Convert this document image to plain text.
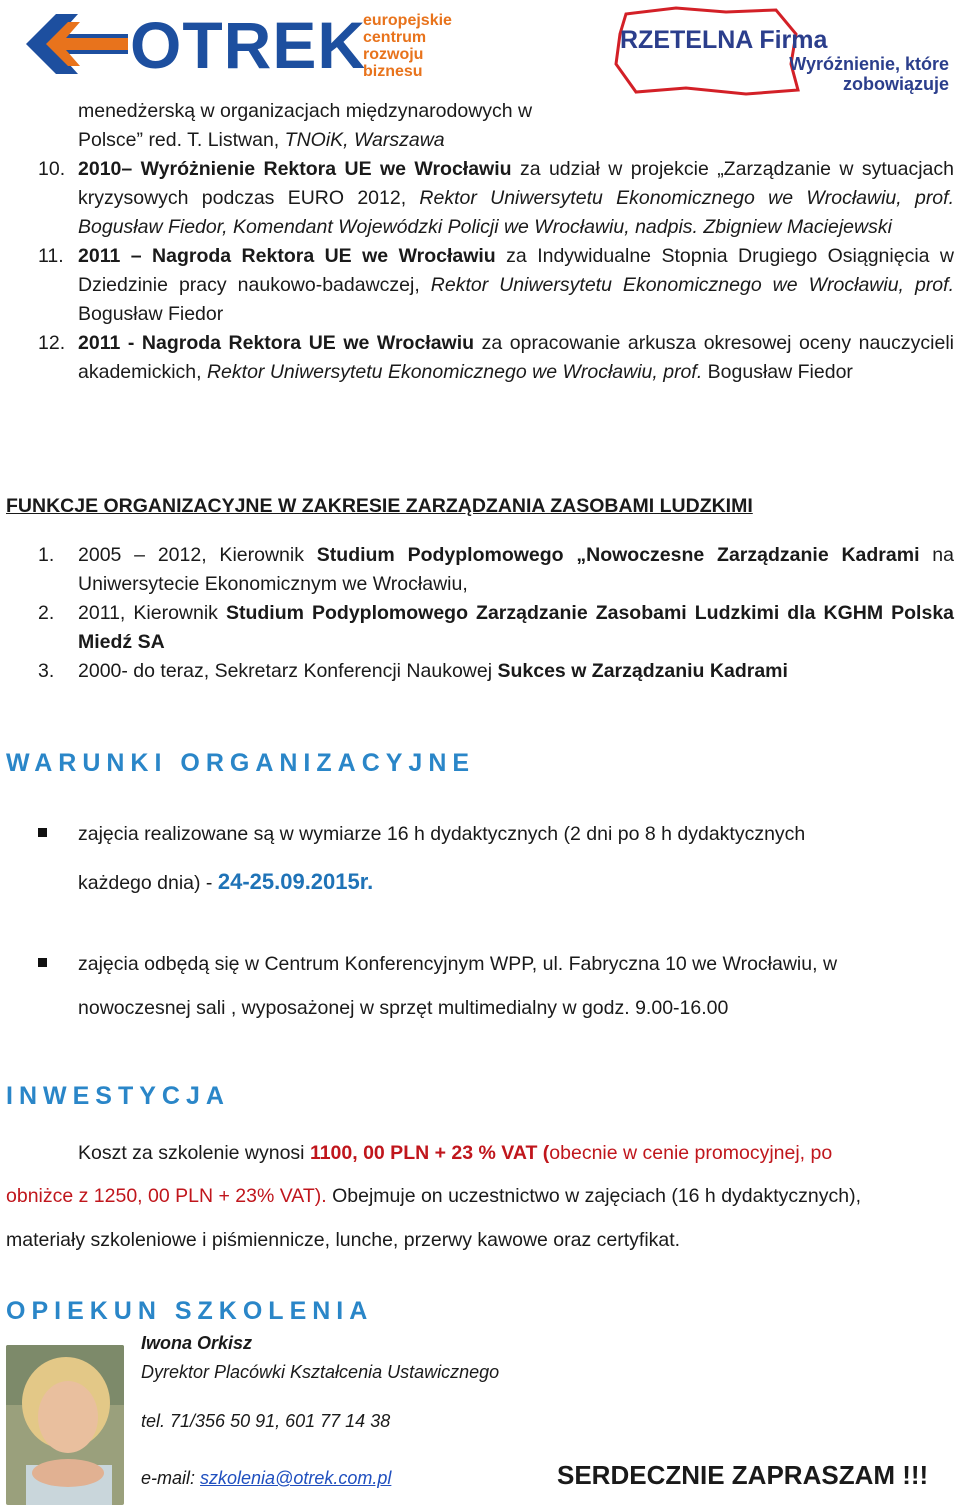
OTREK
europejskie
centrum
rozwoju
biznesu
RZETELNA Firma
Wyróżnienie, które
zobowiązuje
menedżerską w organizacjach międzynarodowych w
Polsce” red. T. Listwan, TNOiK, Warszawa
10. 2010– Wyróżnienie Rektora UE we Wrocławiu za udział w projekcie „Zarządzanie w sytuacjach kryzysowych podczas EURO 2012, Rektor Uniwersytetu Ekonomicznego we Wrocławiu, prof. Bogusław Fiedor, Komendant Wojewódzki Policji we Wrocławiu, nadpis. Zbigniew Maciejewski
11. 2011 – Nagroda Rektora UE we Wrocławiu za Indywidualne Stopnia Drugiego Osiągnięcia w Dziedzinie pracy naukowo-badawczej, Rektor Uniwersytetu Ekonomicznego we Wrocławiu, prof. Bogusław Fiedor
12. 2011 - Nagroda Rektora UE we Wrocławiu za opracowanie arkusza okresowej oceny nauczycieli akademickich, Rektor Uniwersytetu Ekonomicznego we Wrocławiu, prof. Bogusław Fiedor
FUNKCJE ORGANIZACYJNE W ZAKRESIE ZARZĄDZANIA ZASOBAMI LUDZKIMI
1. 2005 – 2012, Kierownik Studium Podyplomowego „Nowoczesne Zarządzanie Kadrami na Uniwersytecie Ekonomicznym we Wrocławiu,
2. 2011, Kierownik Studium Podyplomowego Zarządzanie Zasobami Ludzkimi dla KGHM Polska Miedź SA
3. 2000- do teraz, Sekretarz Konferencji Naukowej Sukces w Zarządzaniu Kadrami
WARUNKI ORGANIZACYJNE
zajęcia realizowane są w wymiarze 16 h dydaktycznych (2 dni po 8 h dydaktycznych
każdego dnia) - 24-25.09.2015r.
zajęcia odbędą się w Centrum Konferencyjnym WPP, ul. Fabryczna 10 we Wrocławiu, w
nowoczesnej sali , wyposażonej w sprzęt multimedialny w godz. 9.00-16.00
INWESTYCJA
Koszt za szkolenie wynosi 1100, 00 PLN + 23 % VAT (obecnie w cenie promocyjnej, po
obniżce z 1250, 00 PLN + 23% VAT). Obejmuje on uczestnictwo w zajęciach (16 h dydaktycznych),
materiały szkoleniowe i piśmiennicze, lunche, przerwy kawowe oraz certyfikat.
OPIEKUN SZKOLENIA
Iwona Orkisz
Dyrektor Placówki Kształcenia Ustawicznego
tel. 71/356 50 91, 601 77 14 38
e-mail: szkolenia@otrek.com.pl	SERDECZNIE ZAPRASZAM !!!
